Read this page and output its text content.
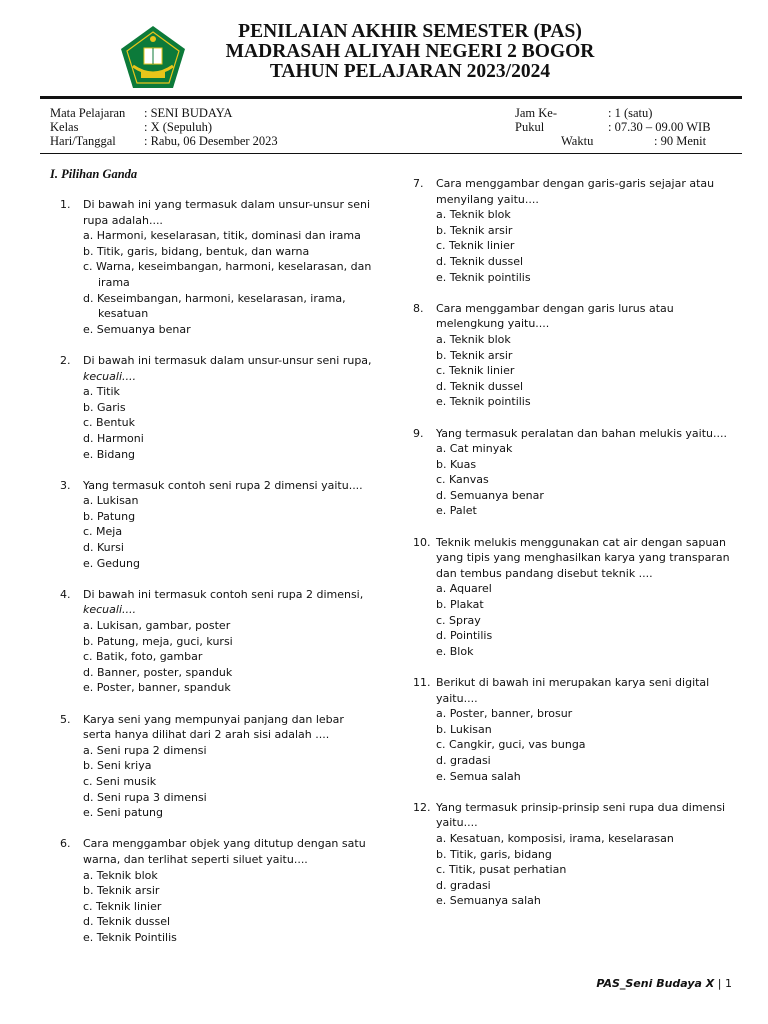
PENILAIAN AKHIR SEMESTER (PAS)
MADRASAH ALIYAH NEGERI 2 BOGOR
TAHUN PELAJARAN 2023/2024
Mata Pelajaran : SENI BUDAYA
Kelas	: X (Sepuluh)
Hari/Tanggal : Rabu, 06 Desember 2023
Jam Ke-	: 1 (satu)
Pukul	: 07.30 – 09.00 WIB
Waktu	: 90 Menit
I. Pilihan Ganda
1. Di bawah ini yang termasuk dalam unsur-unsur seni rupa adalah....
a. Harmoni, keselarasan, titik, dominasi dan irama
b. Titik, garis, bidang, bentuk, dan warna
c. Warna, keseimbangan, harmoni, keselarasan, dan irama
d. Keseimbangan, harmoni, keselarasan, irama, kesatuan
e. Semuanya benar
2. Di bawah ini termasuk dalam unsur-unsur seni rupa, kecuali....
a. Titik
b. Garis
c. Bentuk
d. Harmoni
e. Bidang
3. Yang termasuk contoh seni rupa 2 dimensi yaitu....
a. Lukisan
b. Patung
c. Meja
d. Kursi
e. Gedung
4. Di bawah ini termasuk contoh seni rupa 2 dimensi, kecuali....
a. Lukisan, gambar, poster
b. Patung, meja, guci, kursi
c. Batik, foto, gambar
d. Banner, poster, spanduk
e. Poster, banner, spanduk
5. Karya seni yang mempunyai panjang dan lebar serta hanya dilihat dari 2 arah sisi adalah ....
a. Seni rupa 2 dimensi
b. Seni kriya
c. Seni musik
d. Seni rupa 3 dimensi
e. Seni patung
6. Cara menggambar objek yang ditutup dengan satu warna, dan terlihat seperti siluet yaitu....
a. Teknik blok
b. Teknik arsir
c. Teknik linier
d. Teknik dussel
e. Teknik Pointilis
7. Cara menggambar dengan garis-garis sejajar atau menyilang yaitu....
a. Teknik blok
b. Teknik arsir
c. Teknik linier
d. Teknik dussel
e. Teknik pointilis
8. Cara menggambar dengan garis lurus atau melengkung yaitu....
a. Teknik blok
b. Teknik arsir
c. Teknik linier
d. Teknik dussel
e. Teknik pointilis
9. Yang termasuk peralatan dan bahan melukis yaitu....
a. Cat minyak
b. Kuas
c. Kanvas
d. Semuanya benar
e. Palet
10. Teknik melukis menggunakan cat air dengan sapuan yang tipis yang menghasilkan karya yang transparan dan tembus pandang disebut teknik ....
a. Aquarel
b. Plakat
c. Spray
d. Pointilis
e. Blok
11. Berikut di bawah ini merupakan karya seni digital yaitu....
a. Poster, banner, brosur
b. Lukisan
c. Cangkir, guci, vas bunga
d. gradasi
e. Semua salah
12. Yang termasuk prinsip-prinsip seni rupa dua dimensi yaitu....
a. Kesatuan, komposisi, irama, keselarasan
b. Titik, garis, bidang
c. Titik, pusat perhatian
d. gradasi
e. Semuanya salah
PAS_Seni Budaya X | 1
